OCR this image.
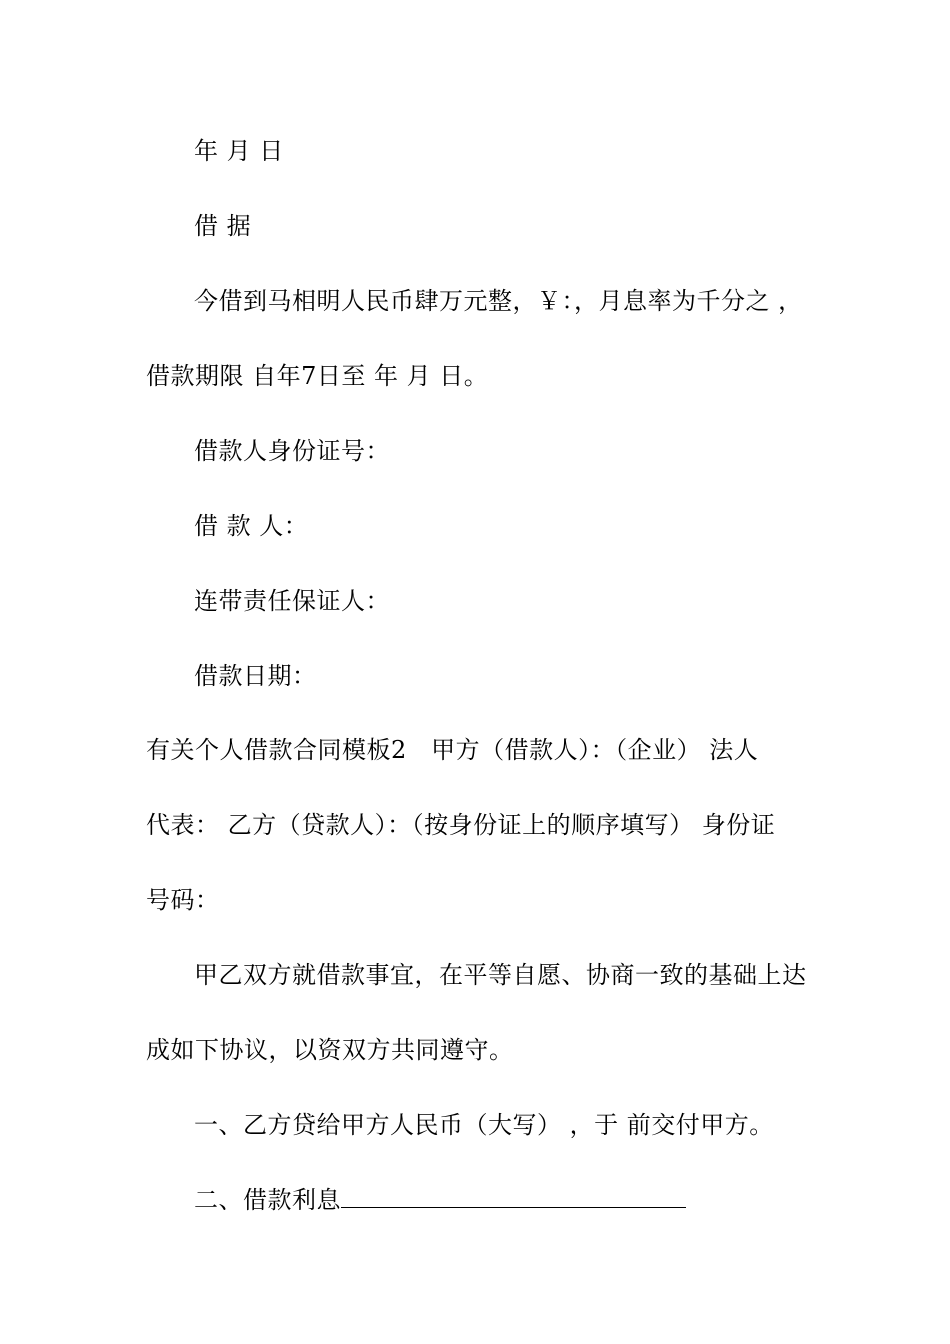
年 月 日
借 据
今借到马相明人民币肆万元整，￥：，月息率为千分之 ，
借款期限 自年7日至 年 月 日。
借款人身份证号：
借 款 人：
连带责任保证人：
借款日期：
有关个人借款合同模板2   甲方（借款人）：（企业） 法人
代表： 乙方（贷款人）：（按身份证上的顺序填写） 身份证
号码：
甲乙双方就借款事宜，在平等自愿、协商一致的基础上达
成如下协议，以资双方共同遵守。
一、乙方贷给甲方人民币（大写） ，于 前交付甲方。
二、借款利息
